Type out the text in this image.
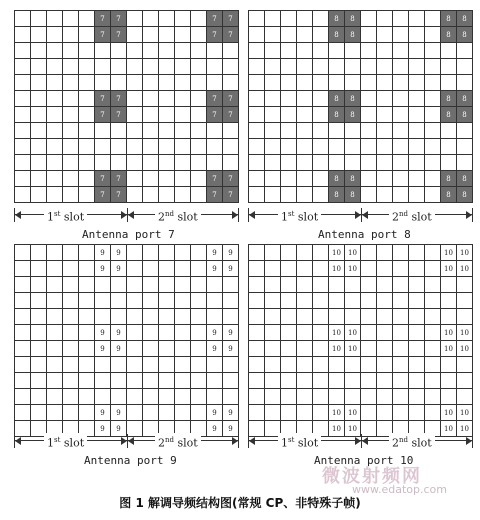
7	7	7	7
7	7	7	7
7	7	7	7
7	7	7	7
7	7	7	7
7	7	7	7
1st slot	2nd slot
Antenna port 7
8	8	8	8
8	8	8	8
8	8	8	8
8	8	8	8
8	8	8	8
8	8	8	8
1st slot	2nd slot
Antenna port 8
9	9	9	9
9	9	9	9
9	9	9	9
9	9	9	9
9	9	9	9
9	9	9	9
1st slot	2nd slot
Antenna port 9
10	10	10	10
10	10	10	10
10	10	10	10
10	10	10	10
10	10	10	10
10	10	10	10
1st slot	2nd slot
Antenna port 10
微波射频网
www.edatop.com
图 1 解调导频结构图(常规 CP、非特殊子帧)
